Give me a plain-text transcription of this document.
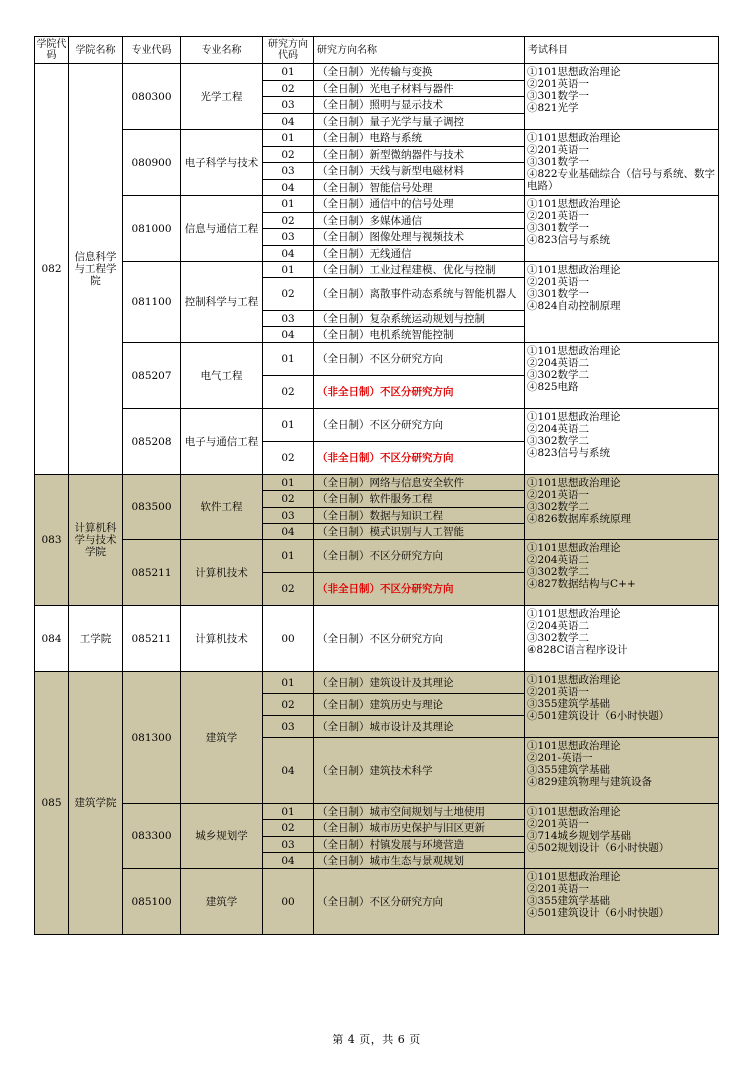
学院代码	学院名称	专业代码	专业名称	研究方向代码	研究方向名称	考试科目
082	信息科学与工程学院	080300	光学工程	01	（全日制）光传输与变换	①101思想政治理论
②201英语一
③301数学一
④821光学

				02	（全日制）光电子材料与器件	
				03	（全日制）照明与显示技术	
				04	（全日制）量子光学与量子调控	
		080900	电子科学与技术	01	（全日制）电路与系统	①101思想政治理论
②201英语一
③301数学一
④822专业基础综合（信号与系统、数字电路）

				02	（全日制）新型微纳器件与技术	
				03	（全日制）天线与新型电磁材料	
				04	（全日制）智能信号处理	
		081000	信息与通信工程	01	（全日制）通信中的信号处理	①101思想政治理论
②201英语一
③301数学一
④823信号与系统

				02	（全日制）多媒体通信	
				03	（全日制）图像处理与视频技术	
				04	（全日制）无线通信	
		081100	控制科学与工程	01	（全日制）工业过程建模、优化与控制	①101思想政治理论
②201英语一
③301数学一
④824自动控制原理

				02	（全日制）离散事件动态系统与智能机器人	
				03	（全日制）复杂系统运动规划与控制	
				04	（全日制）电机系统智能控制	
		085207	电气工程	01	（全日制）不区分研究方向	①101思想政治理论
②204英语二
③302数学二
④825电路

				02	（非全日制）不区分研究方向	
		085208	电子与通信工程	01	（全日制）不区分研究方向	①101思想政治理论
②204英语二
③302数学二
④823信号与系统

				02	（非全日制）不区分研究方向	
083	计算机科学与技术学院	083500	软件工程	01	（全日制）网络与信息安全软件	①101思想政治理论
②201英语一
③302数学二
④826数据库系统原理

				02	（全日制）软件服务工程	
				03	（全日制）数据与知识工程	
				04	（全日制）模式识别与人工智能	
		085211	计算机技术	01	（全日制）不区分研究方向	①101思想政治理论
②204英语二
③302数学二
④827数据结构与C++

				02	（非全日制）不区分研究方向	
084	工学院	085211	计算机技术	00	（全日制）不区分研究方向	①101思想政治理论
②204英语二
③302数学二
④828C语言程序设计

085	建筑学院	081300	建筑学	01	（全日制）建筑设计及其理论	①101思想政治理论
②201英语一
③355建筑学基础
④501建筑设计（6小时快题）

				02	（全日制）建筑历史与理论	
				03	（全日制）城市设计及其理论	
				04	（全日制）建筑技术科学	①101思想政治理论
②201-英语一
③355建筑学基础
④829建筑物理与建筑设备

		083300	城乡规划学	01	（全日制）城市空间规划与土地使用	①101思想政治理论
②201英语一
③714城乡规划学基础
④502规划设计（6小时快题）

				02	（全日制）城市历史保护与旧区更新	
				03	（全日制）村镇发展与环境营造	
				04	（全日制）城市生态与景观规划	
		085100	建筑学	00	（全日制）不区分研究方向	①101思想政治理论
②201英语一
③355建筑学基础
④501建筑设计（6小时快题）
第 4 页，共 6 页
